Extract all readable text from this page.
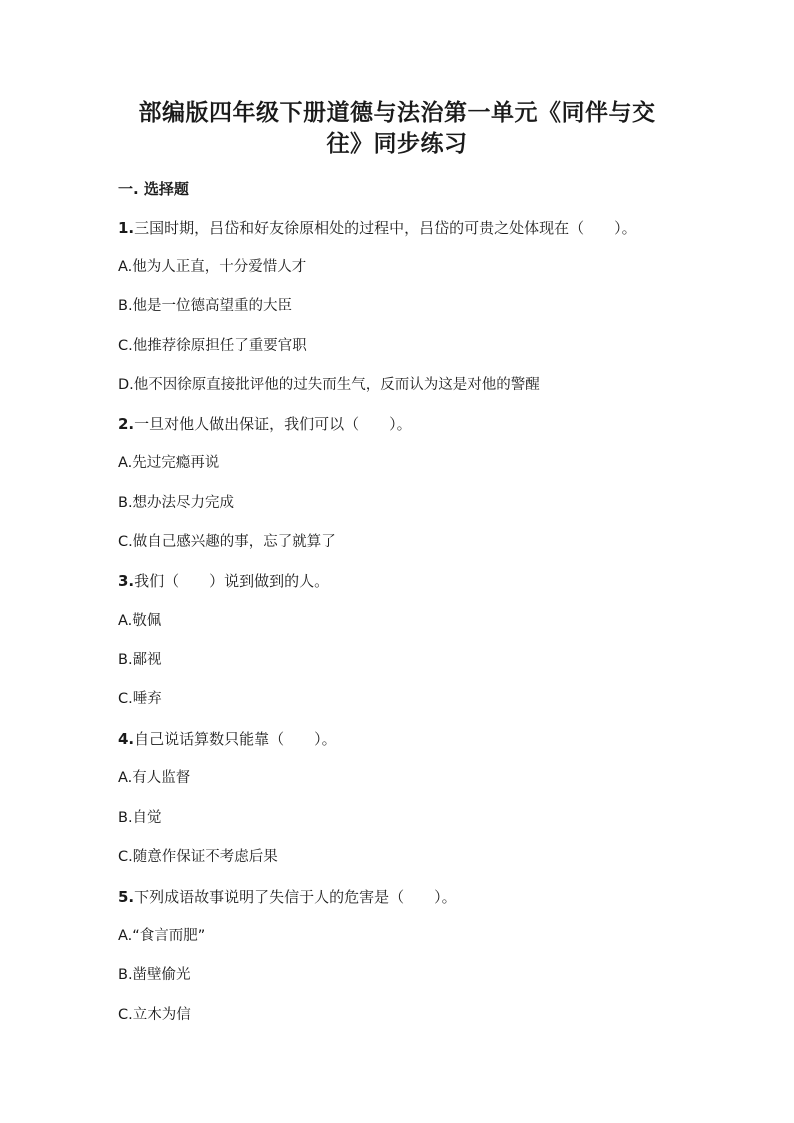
部编版四年级下册道德与法治第一单元《同伴与交
往》同步练习
一. 选择题
1.三国时期，吕岱和好友徐原相处的过程中，吕岱的可贵之处体现在（　　）。
A.他为人正直，十分爱惜人才
B.他是一位德高望重的大臣
C.他推荐徐原担任了重要官职
D.他不因徐原直接批评他的过失而生气，反而认为这是对他的警醒
2.一旦对他人做出保证，我们可以（　　）。
A.先过完瘾再说
B.想办法尽力完成
C.做自己感兴趣的事，忘了就算了
3.我们（　　）说到做到的人。
A.敬佩
B.鄙视
C.唾弃
4.自己说话算数只能靠（　　）。
A.有人监督
B.自觉
C.随意作保证不考虑后果
5.下列成语故事说明了失信于人的危害是（　　）。
A.“食言而肥”
B.凿壁偷光
C.立木为信
